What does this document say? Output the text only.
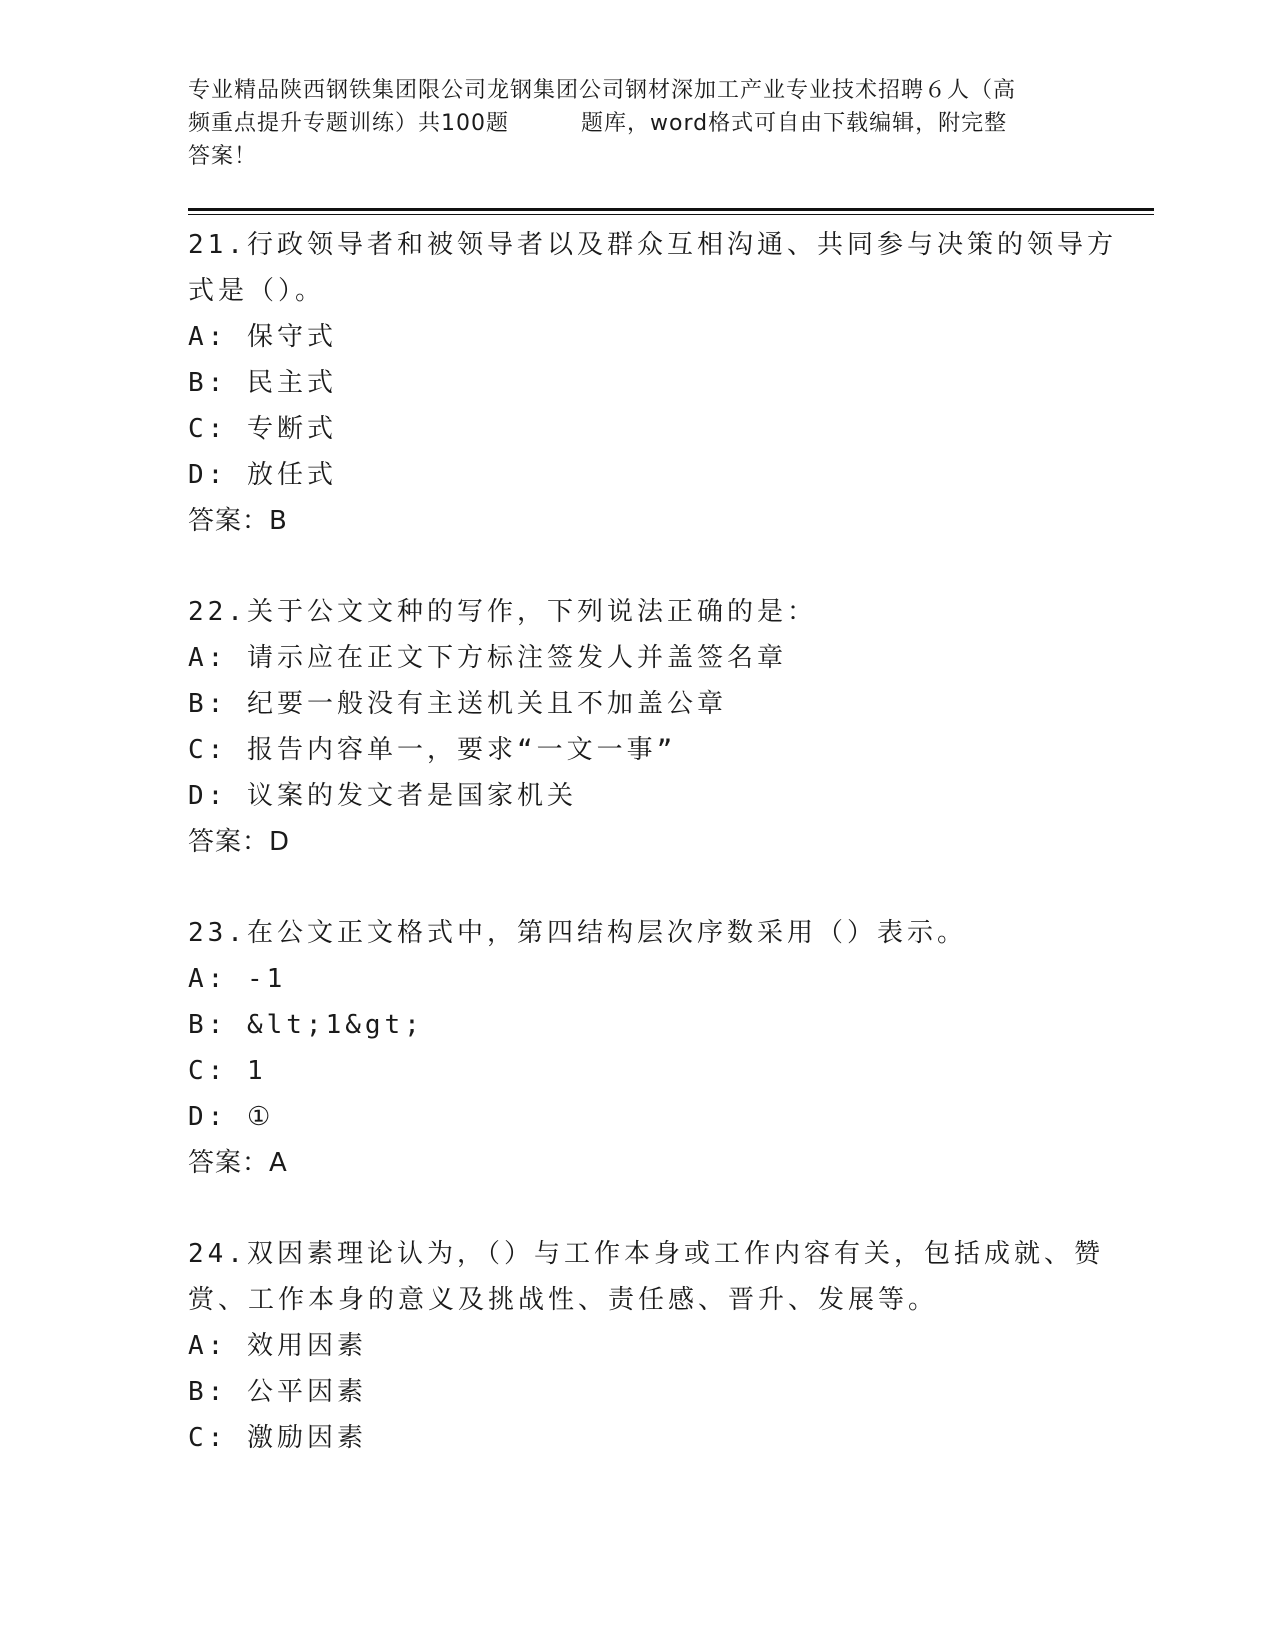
专业精品陕西钢铁集团限公司龙钢集团公司钢材深加工产业专业技术招聘６人（高
频重点提升专题训练）共100题	题库，word格式可自由下载编辑，附完整
答案！
21.行政领导者和被领导者以及群众互相沟通、共同参与决策的领导方
式是（）。
A: 保守式
B: 民主式
C: 专断式
D: 放任式
答案：B
22.关于公文文种的写作，下列说法正确的是：
A: 请示应在正文下方标注签发人并盖签名章
B: 纪要一般没有主送机关且不加盖公章
C: 报告内容单一，要求“一文一事”
D: 议案的发文者是国家机关
答案：D
23.在公文正文格式中，第四结构层次序数采用（）表示。
A: -1
B: &lt;1&gt;
C: 1
D: ①
答案：A
24.双因素理论认为，（）与工作本身或工作内容有关，包括成就、赞
赏、工作本身的意义及挑战性、责任感、晋升、发展等。
A: 效用因素
B: 公平因素
C: 激励因素
